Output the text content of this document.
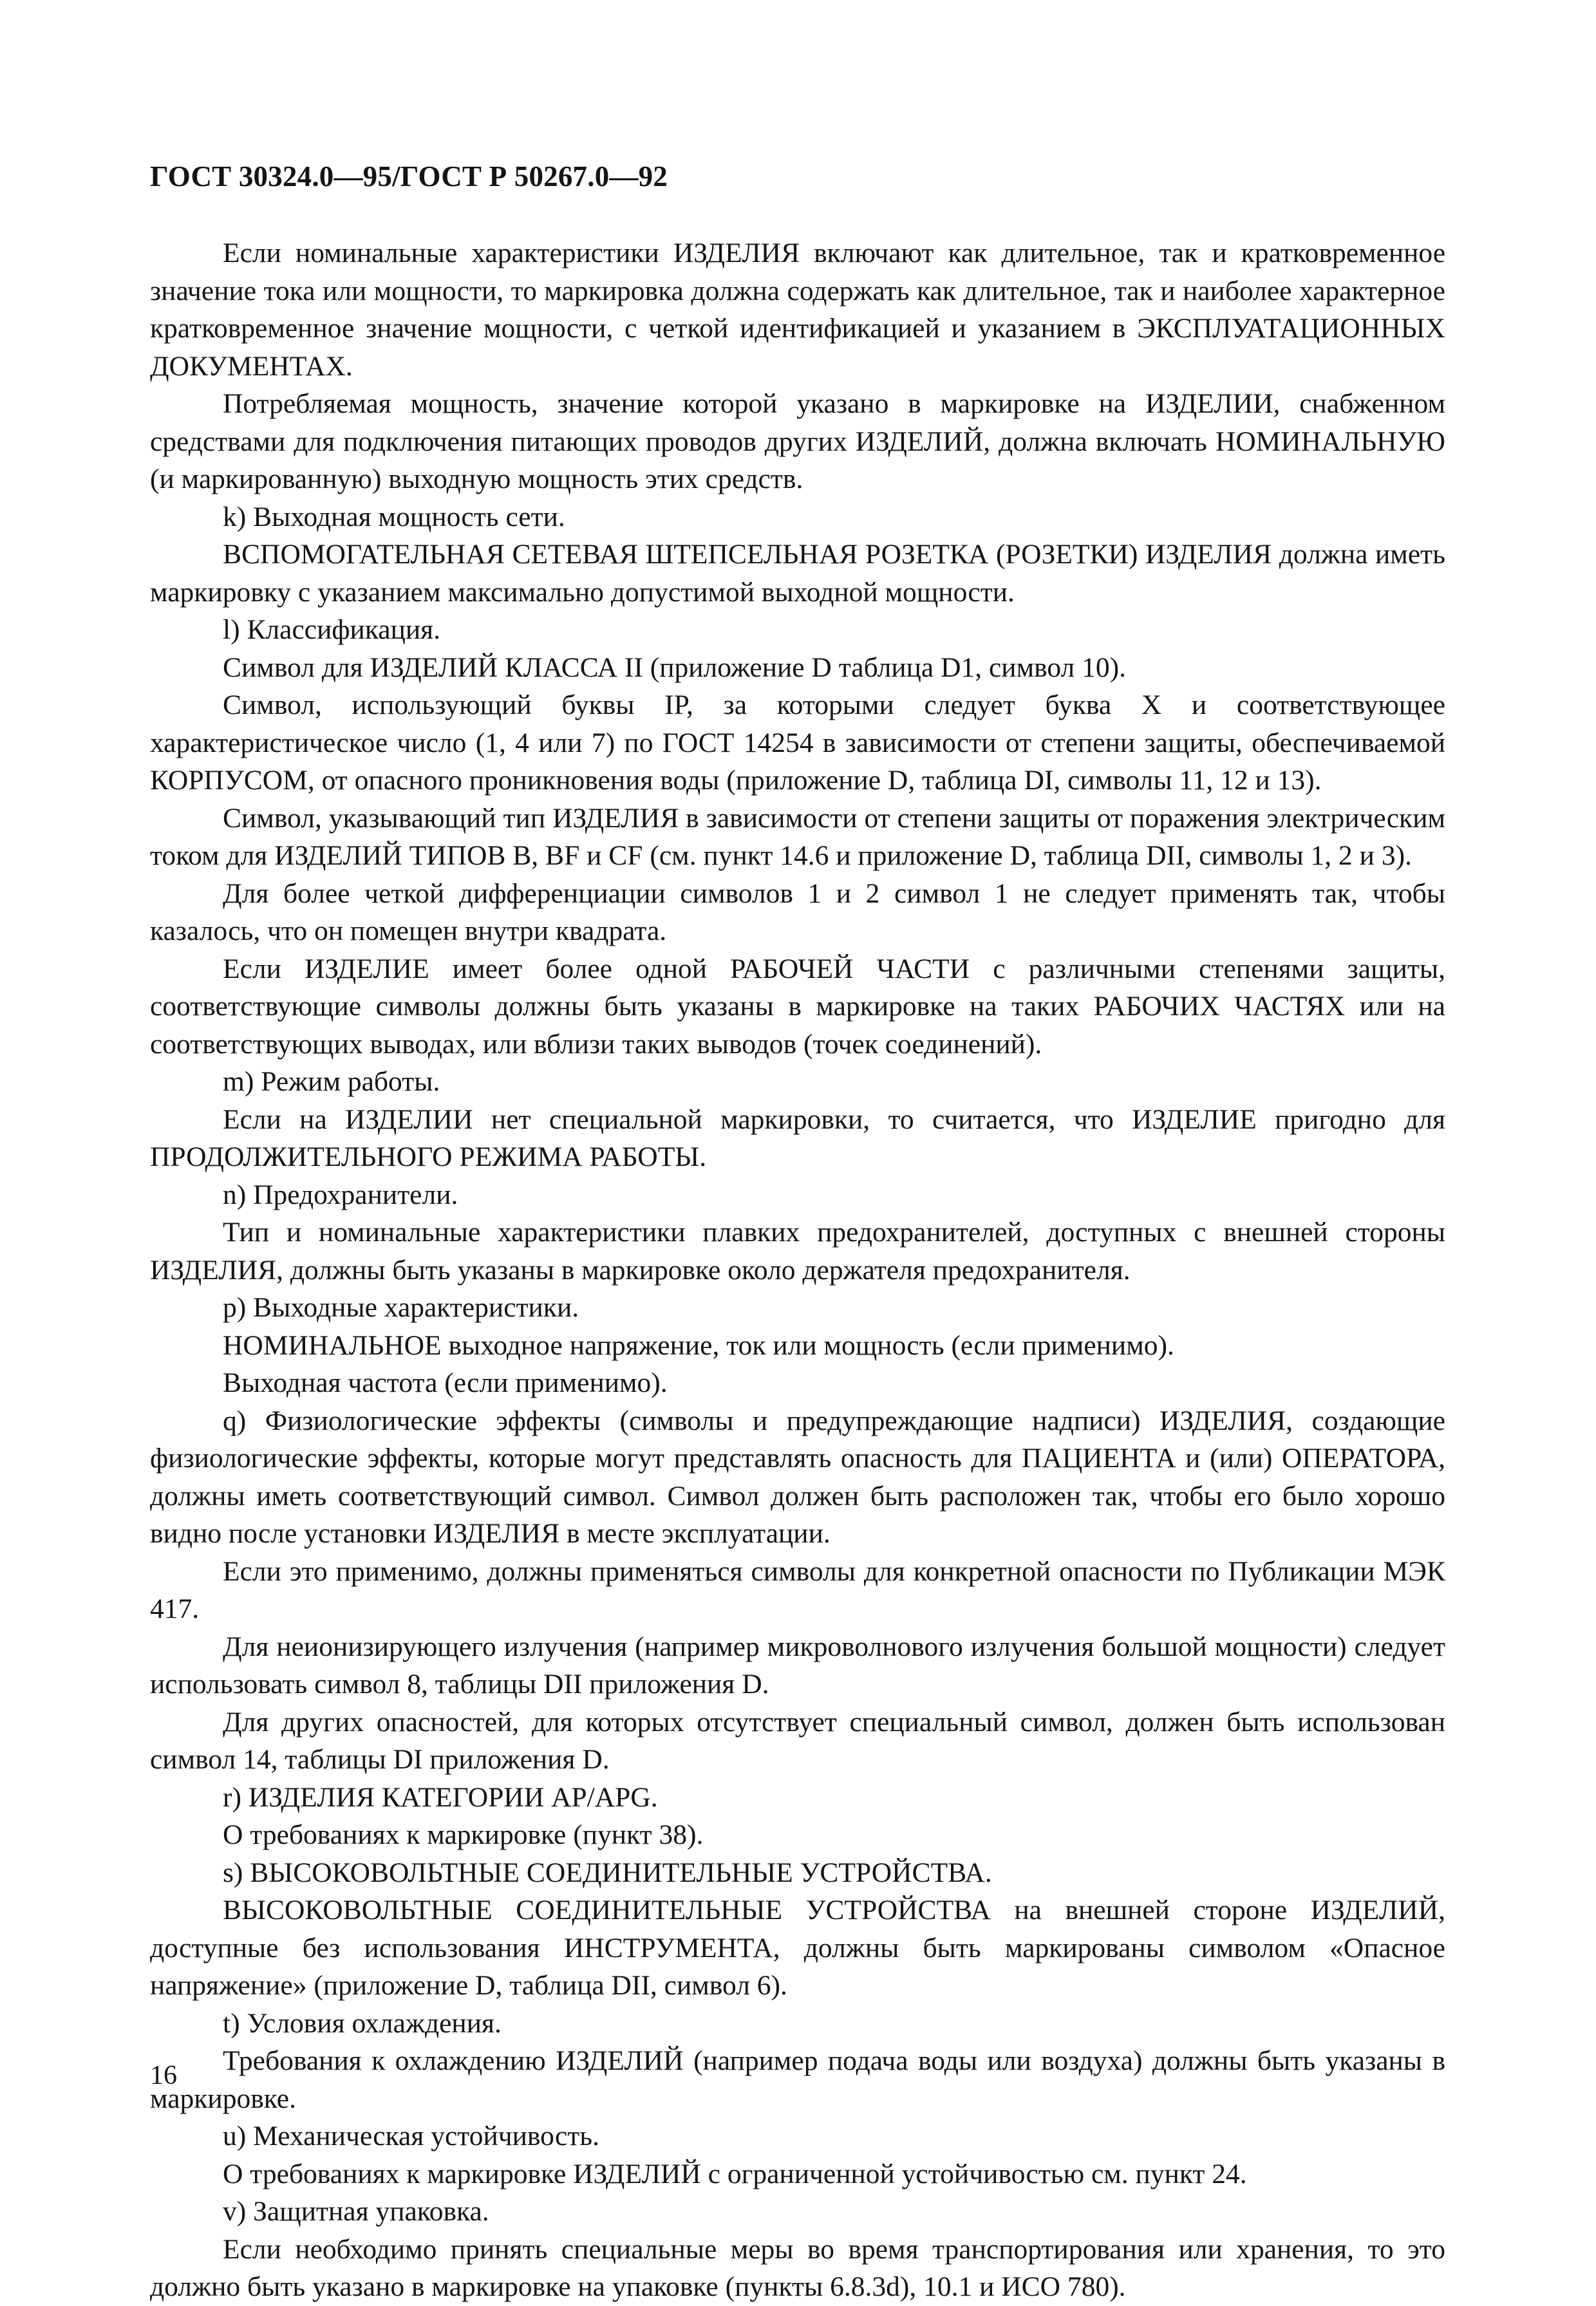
ГОСТ 30324.0—95/ГОСТ Р 50267.0—92

Если номинальные характеристики ИЗДЕЛИЯ включают как длительное, так и кратковременное значение тока или мощности, то маркировка должна содержать как длительное, так и наиболее характерное кратковременное значение мощности, с четкой идентификацией и указанием в ЭКСПЛУАТАЦИОННЫХ ДОКУМЕНТАХ.

Потребляемая мощность, значение которой указано в маркировке на ИЗДЕЛИИ, снабженном средствами для подключения питающих проводов других ИЗДЕЛИЙ, должна включать НОМИНАЛЬНУЮ (и маркированную) выходную мощность этих средств.

k) Выходная мощность сети.

ВСПОМОГАТЕЛЬНАЯ СЕТЕВАЯ ШТЕПСЕЛЬНАЯ РОЗЕТКА (РОЗЕТКИ) ИЗДЕЛИЯ должна иметь маркировку с указанием максимально допустимой выходной мощности.

l) Классификация.

Символ для ИЗДЕЛИЙ КЛАССА II (приложение D таблица D1, символ 10).

Символ, использующий буквы IP, за которыми следует буква X и соответствующее характеристическое число (1, 4 или 7) по ГОСТ 14254 в зависимости от степени защиты, обеспечиваемой КОРПУСОМ, от опасного проникновения воды (приложение D, таблица DI, символы 11, 12 и 13).

Символ, указывающий тип ИЗДЕЛИЯ в зависимости от степени защиты от поражения электрическим током для ИЗДЕЛИЙ ТИПОВ B, BF и CF (см. пункт 14.6 и приложение D, таблица DII, символы 1, 2 и 3).

Для более четкой дифференциации символов 1 и 2 символ 1 не следует применять так, чтобы казалось, что он помещен внутри квадрата.

Если ИЗДЕЛИЕ имеет более одной РАБОЧЕЙ ЧАСТИ с различными степенями защиты, соответствующие символы должны быть указаны в маркировке на таких РАБОЧИХ ЧАСТЯХ или на соответствующих выводах, или вблизи таких выводов (точек соединений).

m) Режим работы.

Если на ИЗДЕЛИИ нет специальной маркировки, то считается, что ИЗДЕЛИЕ пригодно для ПРОДОЛЖИТЕЛЬНОГО РЕЖИМА РАБОТЫ.

n) Предохранители.

Тип и номинальные характеристики плавких предохранителей, доступных с внешней стороны ИЗДЕЛИЯ, должны быть указаны в маркировке около держателя предохранителя.

p) Выходные характеристики.

НОМИНАЛЬНОЕ выходное напряжение, ток или мощность (если применимо).

Выходная частота (если применимо).

q) Физиологические эффекты (символы и предупреждающие надписи) ИЗДЕЛИЯ, создающие физиологические эффекты, которые могут представлять опасность для ПАЦИЕНТА и (или) ОПЕРАТОРА, должны иметь соответствующий символ. Символ должен быть расположен так, чтобы его было хорошо видно после установки ИЗДЕЛИЯ в месте эксплуатации.

Если это применимо, должны применяться символы для конкретной опасности по Публикации МЭК 417.

Для неионизирующего излучения (например микроволнового излучения большой мощности) следует использовать символ 8, таблицы DII приложения D.

Для других опасностей, для которых отсутствует специальный символ, должен быть использован символ 14, таблицы DI приложения D.

r) ИЗДЕЛИЯ КАТЕГОРИИ AP/APG.

О требованиях к маркировке (пункт 38).

s) ВЫСОКОВОЛЬТНЫЕ СОЕДИНИТЕЛЬНЫЕ УСТРОЙСТВА.

ВЫСОКОВОЛЬТНЫЕ СОЕДИНИТЕЛЬНЫЕ УСТРОЙСТВА на внешней стороне ИЗДЕЛИЙ, доступные без использования ИНСТРУМЕНТА, должны быть маркированы символом «Опасное напряжение» (приложение D, таблица DII, символ 6).

t) Условия охлаждения.

Требования к охлаждению ИЗДЕЛИЙ (например подача воды или воздуха) должны быть указаны в маркировке.

u) Механическая устойчивость.

О требованиях к маркировке ИЗДЕЛИЙ с ограниченной устойчивостью см. пункт 24.

v) Защитная упаковка.

Если необходимо принять специальные меры во время транспортирования или хранения, то это должно быть указано в маркировке на упаковке (пункты 6.8.3d), 10.1 и ИСО 780).

16
